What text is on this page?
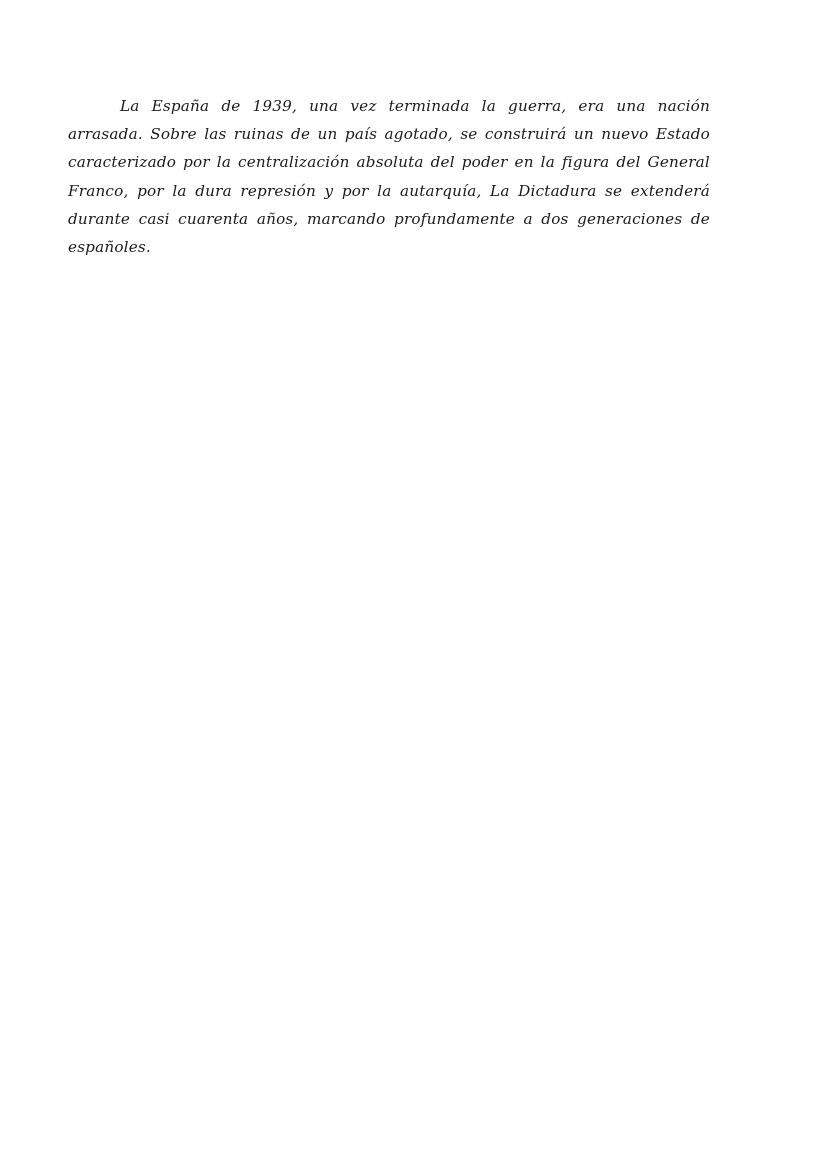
La España de 1939, una vez terminada la guerra, era una nación arrasada. Sobre las ruinas de un país agotado, se construirá un nuevo Estado caracterizado por la centralización absoluta del poder en la figura del General Franco, por la dura represión y por la autarquía, La Dictadura se extenderá durante casi cuarenta años, marcando profundamente a dos generaciones de españoles.
